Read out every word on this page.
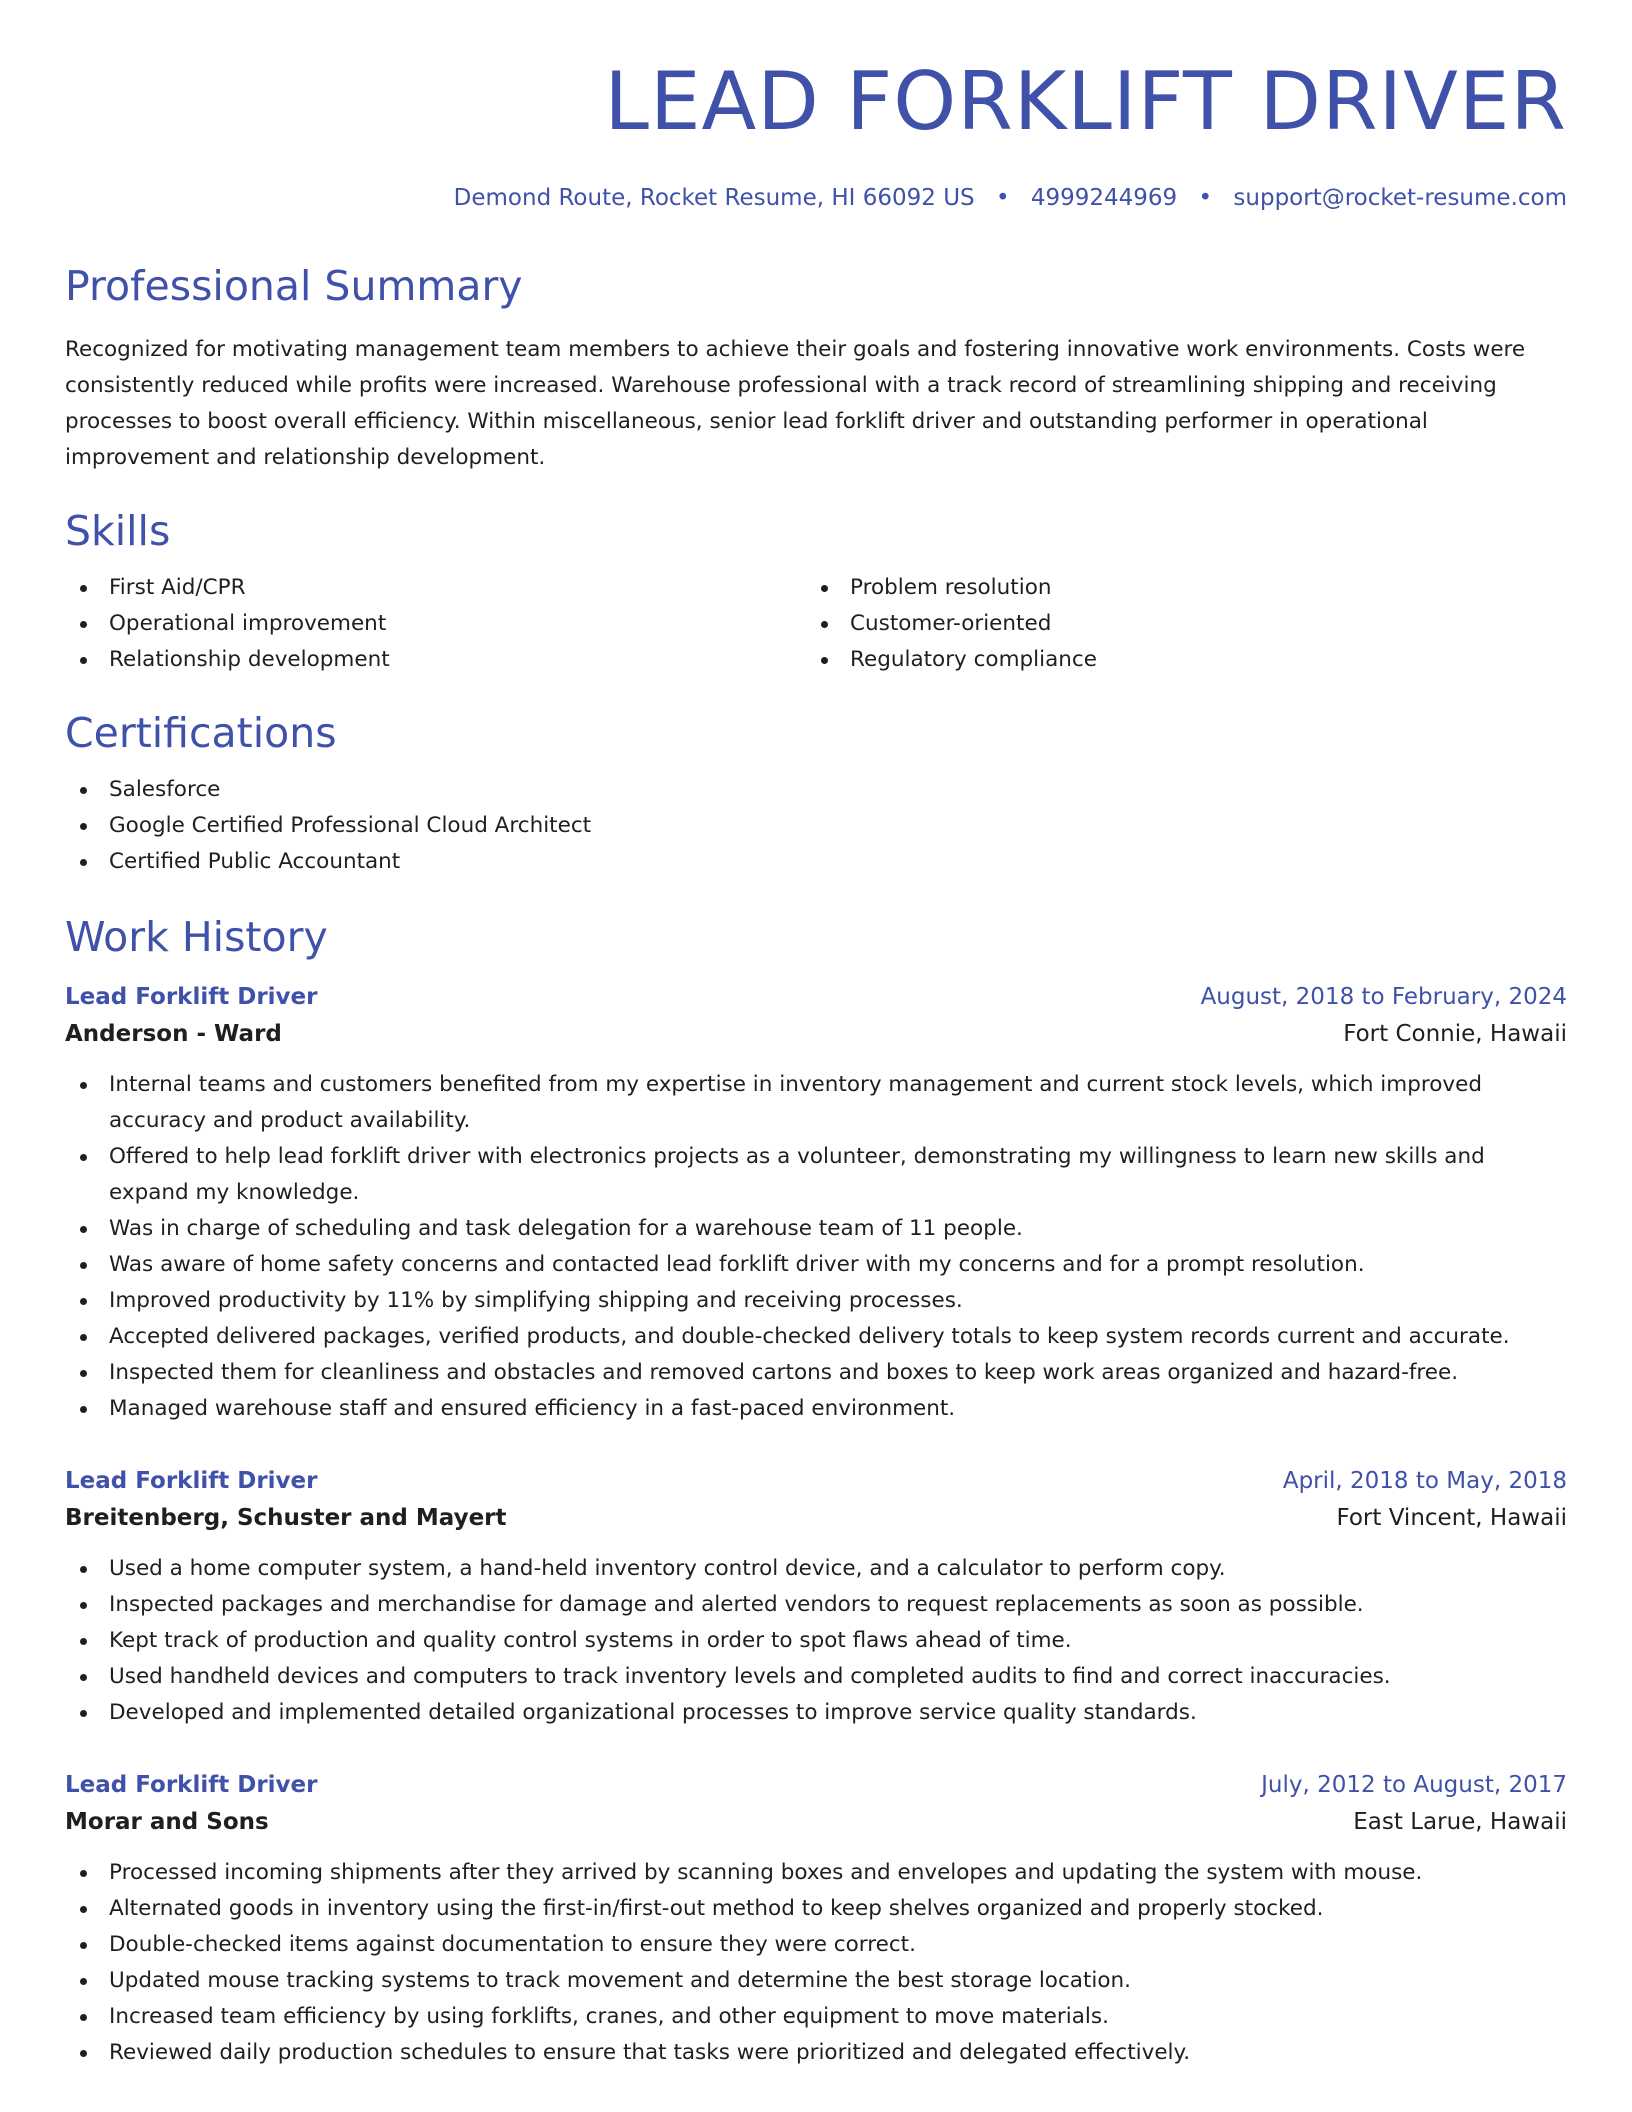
LEAD FORKLIFT DRIVER
Demond Route, Rocket Resume, HI 66092 US • 4999244969 • support@rocket-resume.com
Professional Summary

Recognized for motivating management team members to achieve their goals and fostering innovative work environments. Costs were consistently reduced while profits were increased. Warehouse professional with a track record of streamlining shipping and receiving processes to boost overall efficiency. Within miscellaneous, senior lead forklift driver and outstanding performer in operational improvement and relationship development.

Skills
First Aid/CPR
Operational improvement
Relationship development
Problem resolution
Customer-oriented
Regulatory compliance
Certifications
Salesforce
Google Certified Professional Cloud Architect
Certified Public Accountant
Work History
Lead Forklift Driver	August, 2018 to February, 2024
Anderson - Ward	Fort Connie, Hawaii
Internal teams and customers benefited from my expertise in inventory management and current stock levels, which improved accuracy and product availability.
Offered to help lead forklift driver with electronics projects as a volunteer, demonstrating my willingness to learn new skills and expand my knowledge.
Was in charge of scheduling and task delegation for a warehouse team of 11 people.
Was aware of home safety concerns and contacted lead forklift driver with my concerns and for a prompt resolution.
Improved productivity by 11% by simplifying shipping and receiving processes.
Accepted delivered packages, verified products, and double-checked delivery totals to keep system records current and accurate.
Inspected them for cleanliness and obstacles and removed cartons and boxes to keep work areas organized and hazard-free.
Managed warehouse staff and ensured efficiency in a fast-paced environment.
Lead Forklift Driver	April, 2018 to May, 2018
Breitenberg, Schuster and Mayert	Fort Vincent, Hawaii
Used a home computer system, a hand-held inventory control device, and a calculator to perform copy.
Inspected packages and merchandise for damage and alerted vendors to request replacements as soon as possible.
Kept track of production and quality control systems in order to spot flaws ahead of time.
Used handheld devices and computers to track inventory levels and completed audits to find and correct inaccuracies.
Developed and implemented detailed organizational processes to improve service quality standards.
Lead Forklift Driver	July, 2012 to August, 2017
Morar and Sons	East Larue, Hawaii
Processed incoming shipments after they arrived by scanning boxes and envelopes and updating the system with mouse.
Alternated goods in inventory using the first-in/first-out method to keep shelves organized and properly stocked.
Double-checked items against documentation to ensure they were correct.
Updated mouse tracking systems to track movement and determine the best storage location.
Increased team efficiency by using forklifts, cranes, and other equipment to move materials.
Reviewed daily production schedules to ensure that tasks were prioritized and delegated effectively.
